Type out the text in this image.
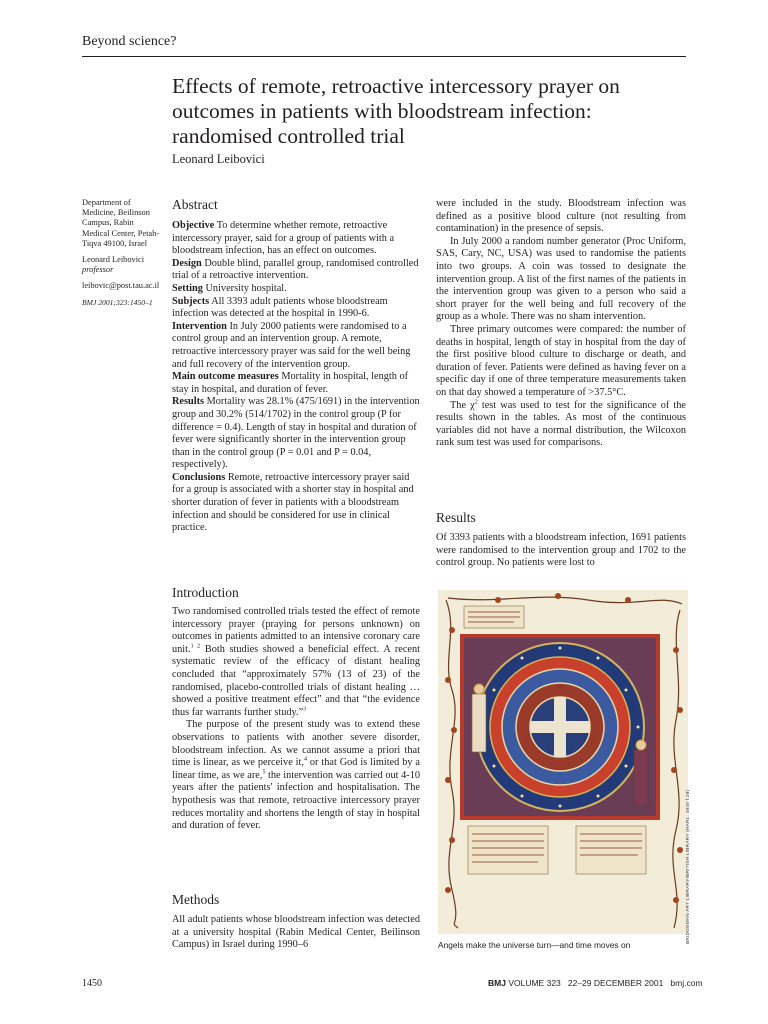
Beyond science?
Effects of remote, retroactive intercessory prayer on outcomes in patients with bloodstream infection: randomised controlled trial
Leonard Leibovici

Department of Medicine, Beilinson Campus, Rabin Medical Center, Petah-Tiqva 49100, Israel

Leonard Leibovici

professor

leibovic@post.tau.ac.il

BMJ 2001;323:1450–1

Abstract

Objective To determine whether remote, retroactive intercessory prayer, said for a group of patients with a bloodstream infection, has an effect on outcomes.

Design Double blind, parallel group, randomised controlled trial of a retroactive intervention.

Setting University hospital.

Subjects All 3393 adult patients whose bloodstream infection was detected at the hospital in 1990-6.

Intervention In July 2000 patients were randomised to a control group and an intervention group. A remote, retroactive intercessory prayer was said for the well being and full recovery of the intervention group.

Main outcome measures Mortality in hospital, length of stay in hospital, and duration of fever.

Results Mortality was 28.1% (475/1691) in the intervention group and 30.2% (514/1702) in the control group (P for difference = 0.4). Length of stay in hospital and duration of fever were significantly shorter in the intervention group than in the control group (P = 0.01 and P = 0.04, respectively).

Conclusions Remote, retroactive intercessory prayer said for a group is associated with a shorter stay in hospital and shorter duration of fever in patients with a bloodstream infection and should be considered for use in clinical practice.

Introduction

Two randomised controlled trials tested the effect of remote intercessory prayer (praying for persons unknown) on outcomes in patients admitted to an intensive coronary care unit.$^{1 2}$ Both studies showed a beneficial effect. A recent systematic review of the efficacy of distant healing concluded that “approximately 57% (13 of 23) of the randomised, placebo-controlled trials of distant healing … showed a positive treatment effect” and that “the evidence thus far warrants further study.”$^3$

The purpose of the present study was to extend these observations to patients with another severe disorder, bloodstream infection. As we cannot assume a priori that time is linear, as we perceive it,$^4$ or that God is limited by a linear time, as we are,$^5$ the intervention was carried out 4-10 years after the patients' infection and hospitalisation. The hypothesis was that remote, retroactive intercessory prayer reduces mortality and shortens the length of stay in hospital and duration of fever.

Methods

All adult patients whose bloodstream infection was detected at a university hospital (Rabin Medical Center, Beilinson Campus) in Israel during 1990–6

were included in the study. Bloodstream infection was defined as a positive blood culture (not resulting from contamination) in the presence of sepsis.

In July 2000 a random number generator (Proc Uniform, SAS, Cary, NC, USA) was used to randomise the patients into two groups. A coin was tossed to designate the intervention group. A list of the first names of the patients in the intervention group was given to a person who said a short prayer for the well being and full recovery of the group as a whole. There was no sham intervention.

Three primary outcomes were compared: the number of deaths in hospital, length of stay in hospital from the day of the first positive blood culture to discharge or death, and duration of fever. Patients were defined as having fever on a specific day if one of three temperature measurements taken on that day showed a temperature of >37.5°C.

The $\chi^2$ test was used to test for the significance of the results shown in the tables. As most of the continuous variables did not have a normal distribution, the Wilcoxon rank sum test was used for comparisons.

Results

Of 3393 patients with a bloodstream infection, 1691 patients were randomised to the intervention group and 1702 to the control group. No patients were lost to

BRIDGEMAN ART LIBRARY/BRITISH LIBRARY (HARL. 4940 f.28)
Angels make the universe turn—and time moves on
1450	BMJ VOLUME 323 22–29 DECEMBER 2001 bmj.com
